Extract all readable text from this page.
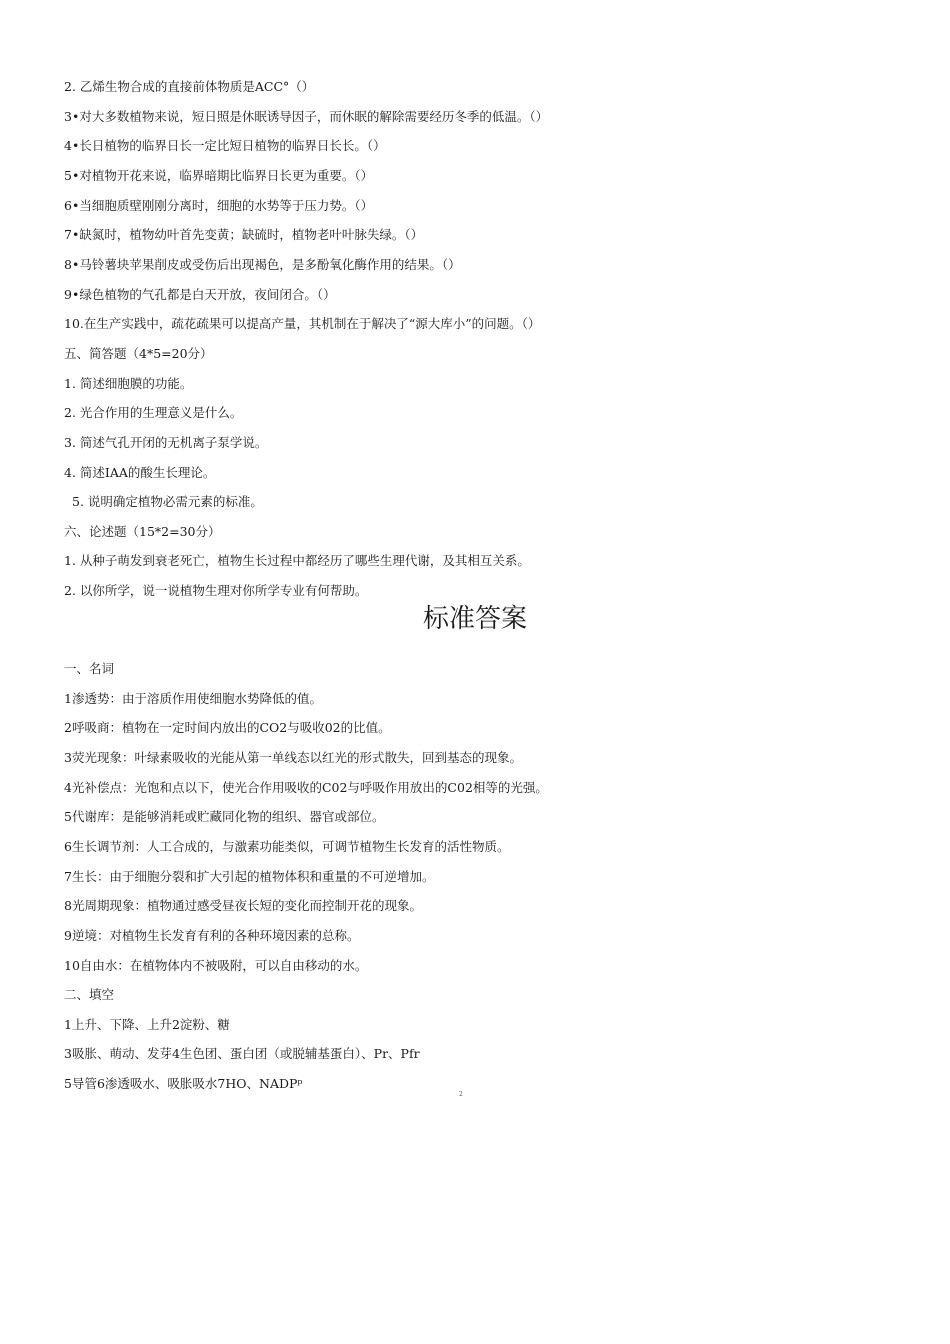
2. 乙烯生物合成的直接前体物质是ACC°（）
3•对大多数植物来说，短日照是休眠诱导因子，而休眠的解除需要经历冬季的低温。（）
4•长日植物的临界日长一定比短日植物的临界日长长。（）
5•对植物开花来说，临界暗期比临界日长更为重要。（）
6•当细胞质壁刚刚分离时，细胞的水势等于压力势。（）
7•缺氮时，植物幼叶首先变黄；缺硫时，植物老叶叶脉失绿。（）
8•马铃薯块苹果削皮或受伤后出现褐色，是多酚氧化酶作用的结果。（）
9•绿色植物的气孔都是白天开放，夜间闭合。（）
10.在生产实践中，疏花疏果可以提高产量，其机制在于解决了“源大库小”的问题。（）
五、简答题（4*5=20分）
1. 简述细胞膜的功能。
2. 光合作用的生理意义是什么。
3. 简述气孔开闭的无机离子泵学说。
4. 简述IAA的酸生长理论。
5. 说明确定植物必需元素的标准。
六、论述题（15*2=30分）
1. 从种子萌发到衰老死亡，植物生长过程中都经历了哪些生理代谢，及其相互关系。
2. 以你所学，说一说植物生理对你所学专业有何帮助。
标准答案
一、名词
1渗透势：由于溶质作用使细胞水势降低的值。
2呼吸商：植物在一定时间内放出的CO2与吸收02的比值。
3荧光现象：叶绿素吸收的光能从第一单线态以红光的形式散失，回到基态的现象。
4光补偿点：光饱和点以下，使光合作用吸收的C02与呼吸作用放出的C02相等的光强。
5代谢库：是能够消耗或贮藏同化物的组织、器官或部位。
6生长调节剂：人工合成的，与激素功能类似，可调节植物生长发育的活性物质。
7生长：由于细胞分裂和扩大引起的植物体积和重量的不可逆增加。
8光周期现象：植物通过感受昼夜长短的变化而控制开花的现象。
9逆境：对植物生长发育有利的各种环境因素的总称。
10自由水：在植物体内不被吸附，可以自由移动的水。
二、填空
1上升、下降、上升2淀粉、糖
3吸胀、萌动、发芽4生色团、蛋白团（或脱辅基蛋白）、Pr、Pfr
5导管6渗透吸水、吸胀吸水7HO、NADPᵖ
2
